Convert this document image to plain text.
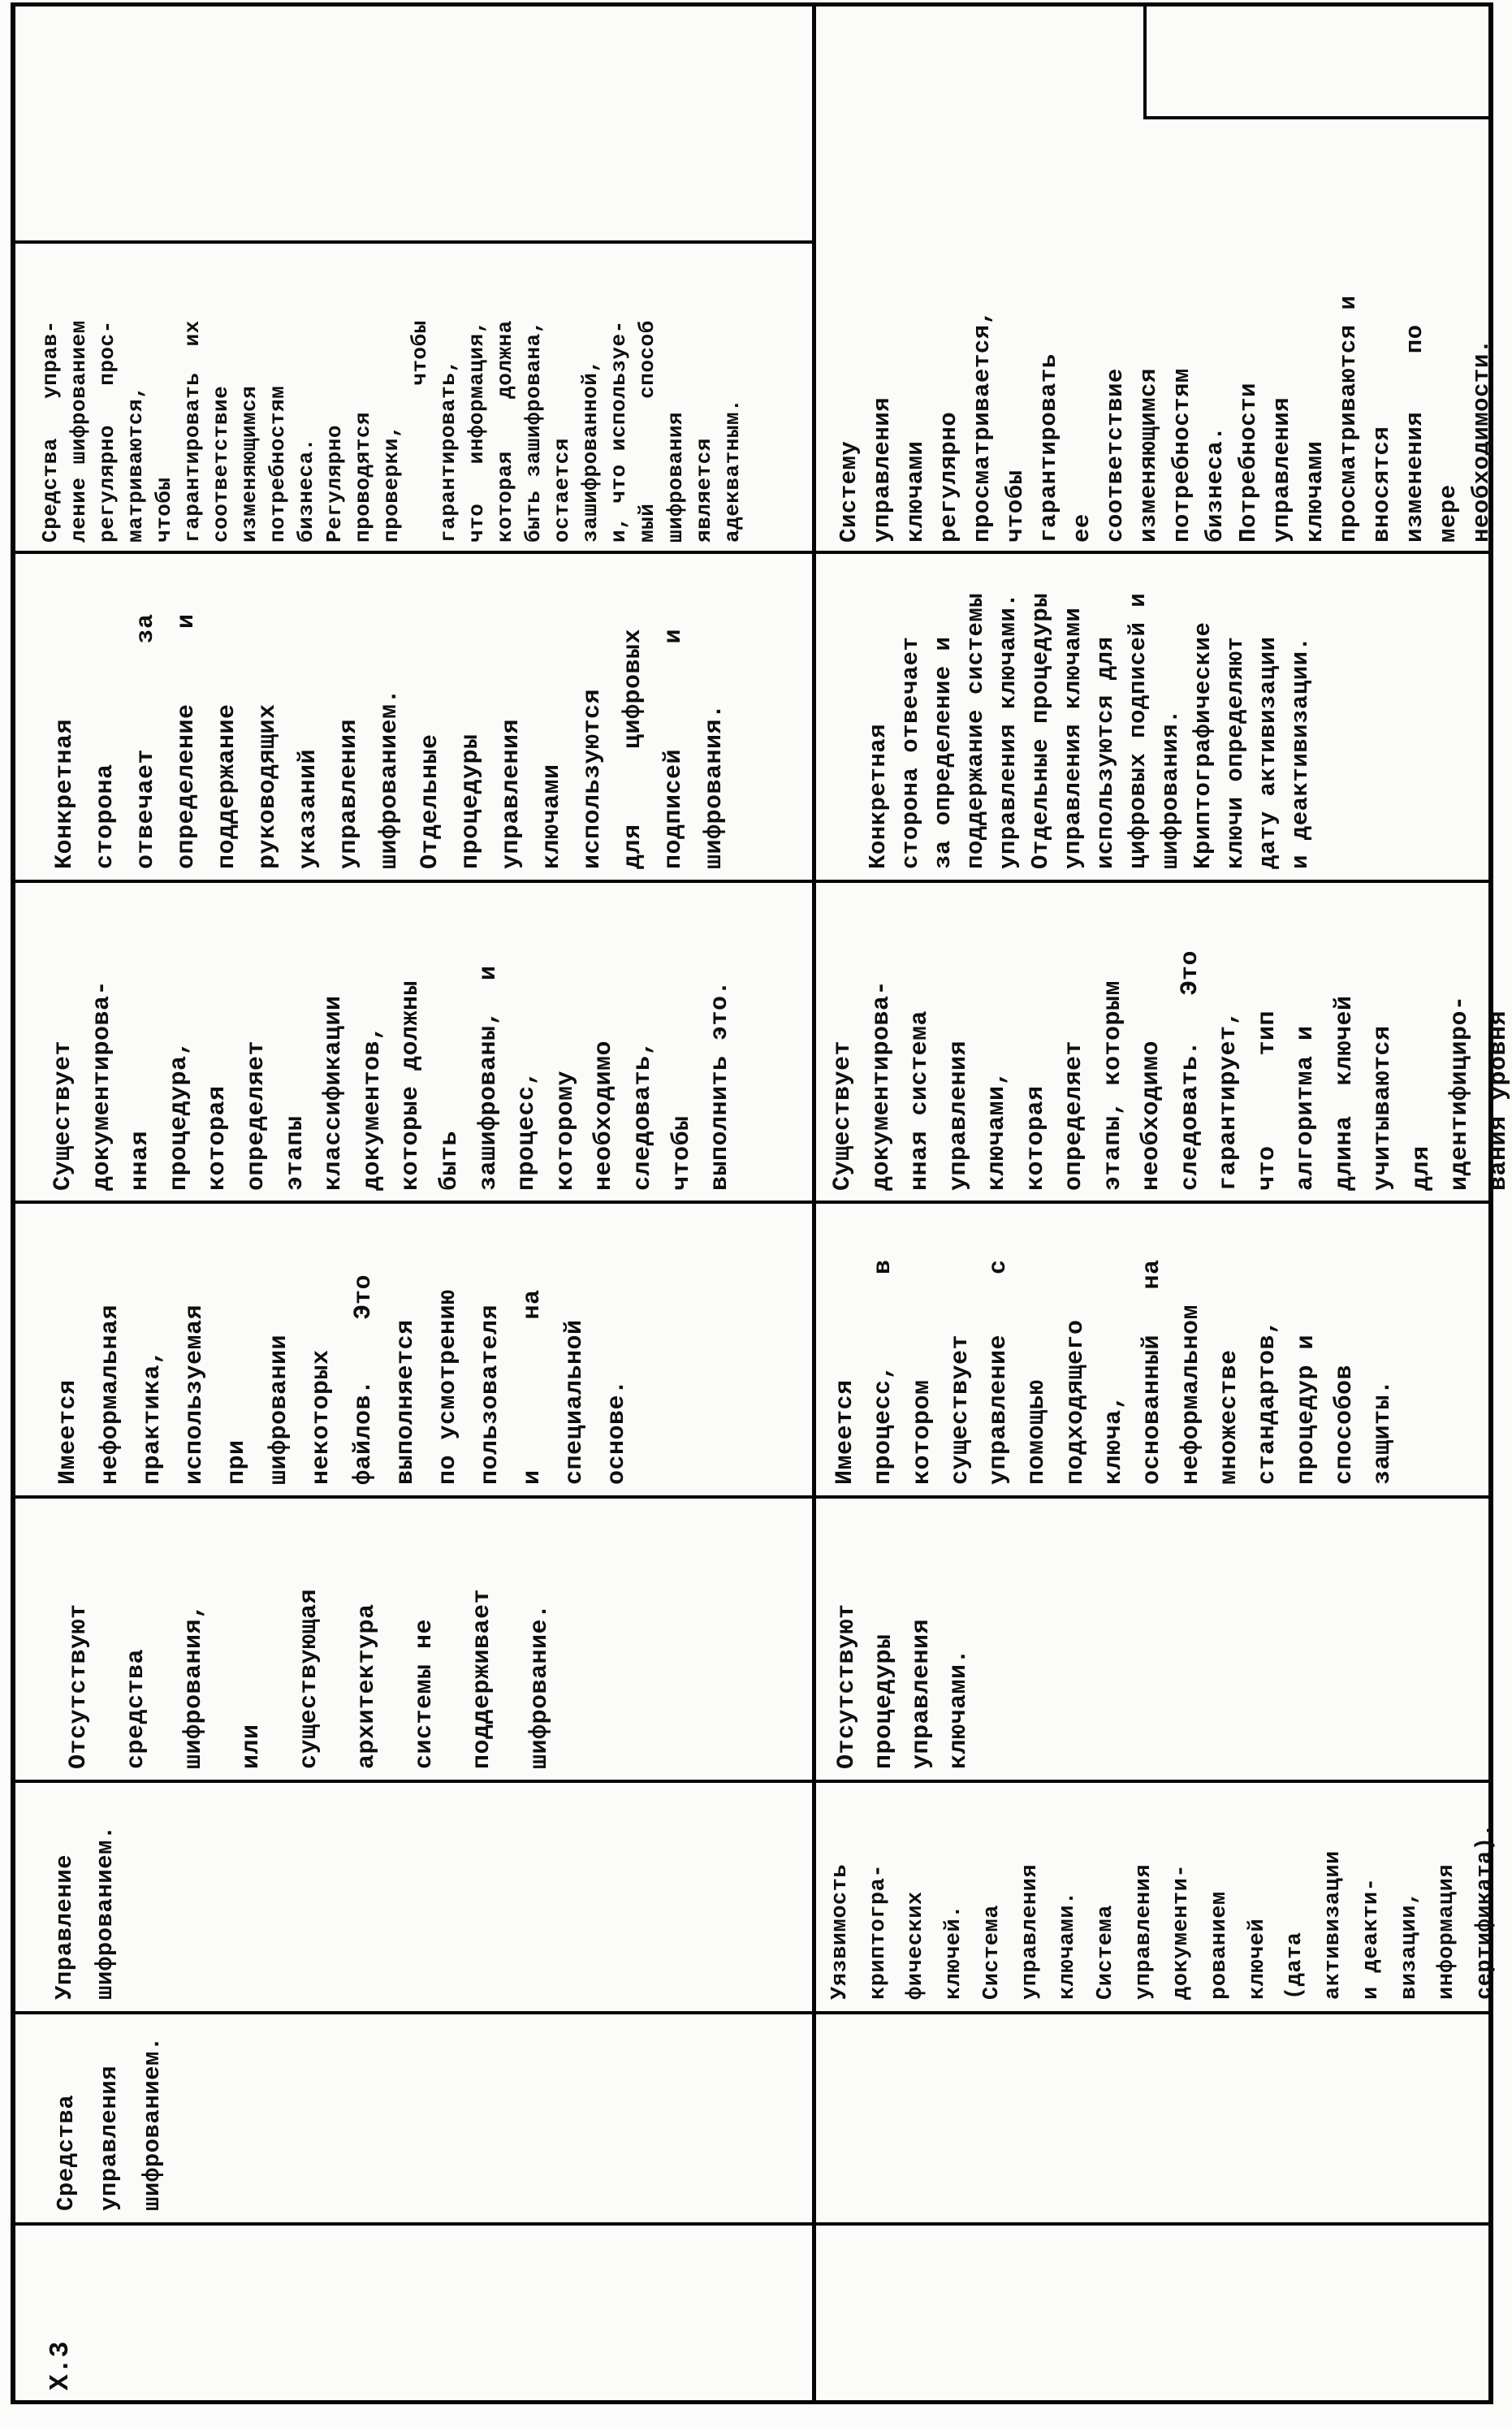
Х.3
Средства
управления
шифрованием.
Управление
шифрованием.
Отсутствуют
средства
шифрования,
или
существующая
архитектура
системы не
поддерживает
шифрование.
Имеется
неформальная
практика,
используемая
при
шифровании
некоторых
файлов.    Это
выполняется
по усмотрению
пользователя
и          на
специальной
основе.
Существует
документирова-
нная
процедура,
которая
определяет
этапы
классификации
документов,
которые должны
быть
зашифрованы,  и
процесс,
которому
необходимо
следовать,
чтобы
выполнить это.
Конкретная
сторона
отвечает       за
определение     и
поддержание
руководящих
указаний
управления
шифрованием.
Отдельные
процедуры
управления
ключами
используются
для     цифровых
подписей       и
шифрования.
Средства   управ-
ление шифрованием
регулярно   прос-
матриваются,
чтобы
гарантировать  их
соответствие
изменяющимся
потребностям
бизнеса.
Регулярно
проводятся
проверки,
чтобы
гарантировать,
что   информация,
которая    должна
быть зашифрована,
остается
зашифрованной,
и, что используе-
мый        способ
шифрования
является
адекватным.
Уязвимость
криптогра-
фических
ключей.
Система
управления
ключами.
Система
управления
документи-
рованием
ключей
(дата
активизации
и деакти-
визации,
информация
сертификата).
Отсутствуют
процедуры
управления
ключами.
Имеется
процесс,      в
котором
существует
управление    с
помощью
подходящего
ключа,
основанный   на
неформальном
множестве
стандартов,
процедур и
способов
защиты.
Существует
документирова-
нная система
управления
ключами,
которая
определяет
этапы, которым
необходимо
следовать.   Это
гарантирует,
что      тип
алгоритма и
длина  ключей
учитываются
для
идентифициро-
вания уровня
Конкретная
сторона отвечает
за определение и
поддержание системы
управления ключами.
Отдельные процедуры
управления ключами
используются для
цифровых подписей и
шифрования.
Криптографические
ключи определяют
дату активизации
и деактивизации.
Систему
управления
ключами
регулярно
просматривается,
чтобы
гарантировать
ее
соответствие
изменяющимся
потребностям
бизнеса.
Потребности
управления
ключами
просматриваются и
вносятся
изменения    по
мере
необходимости.
